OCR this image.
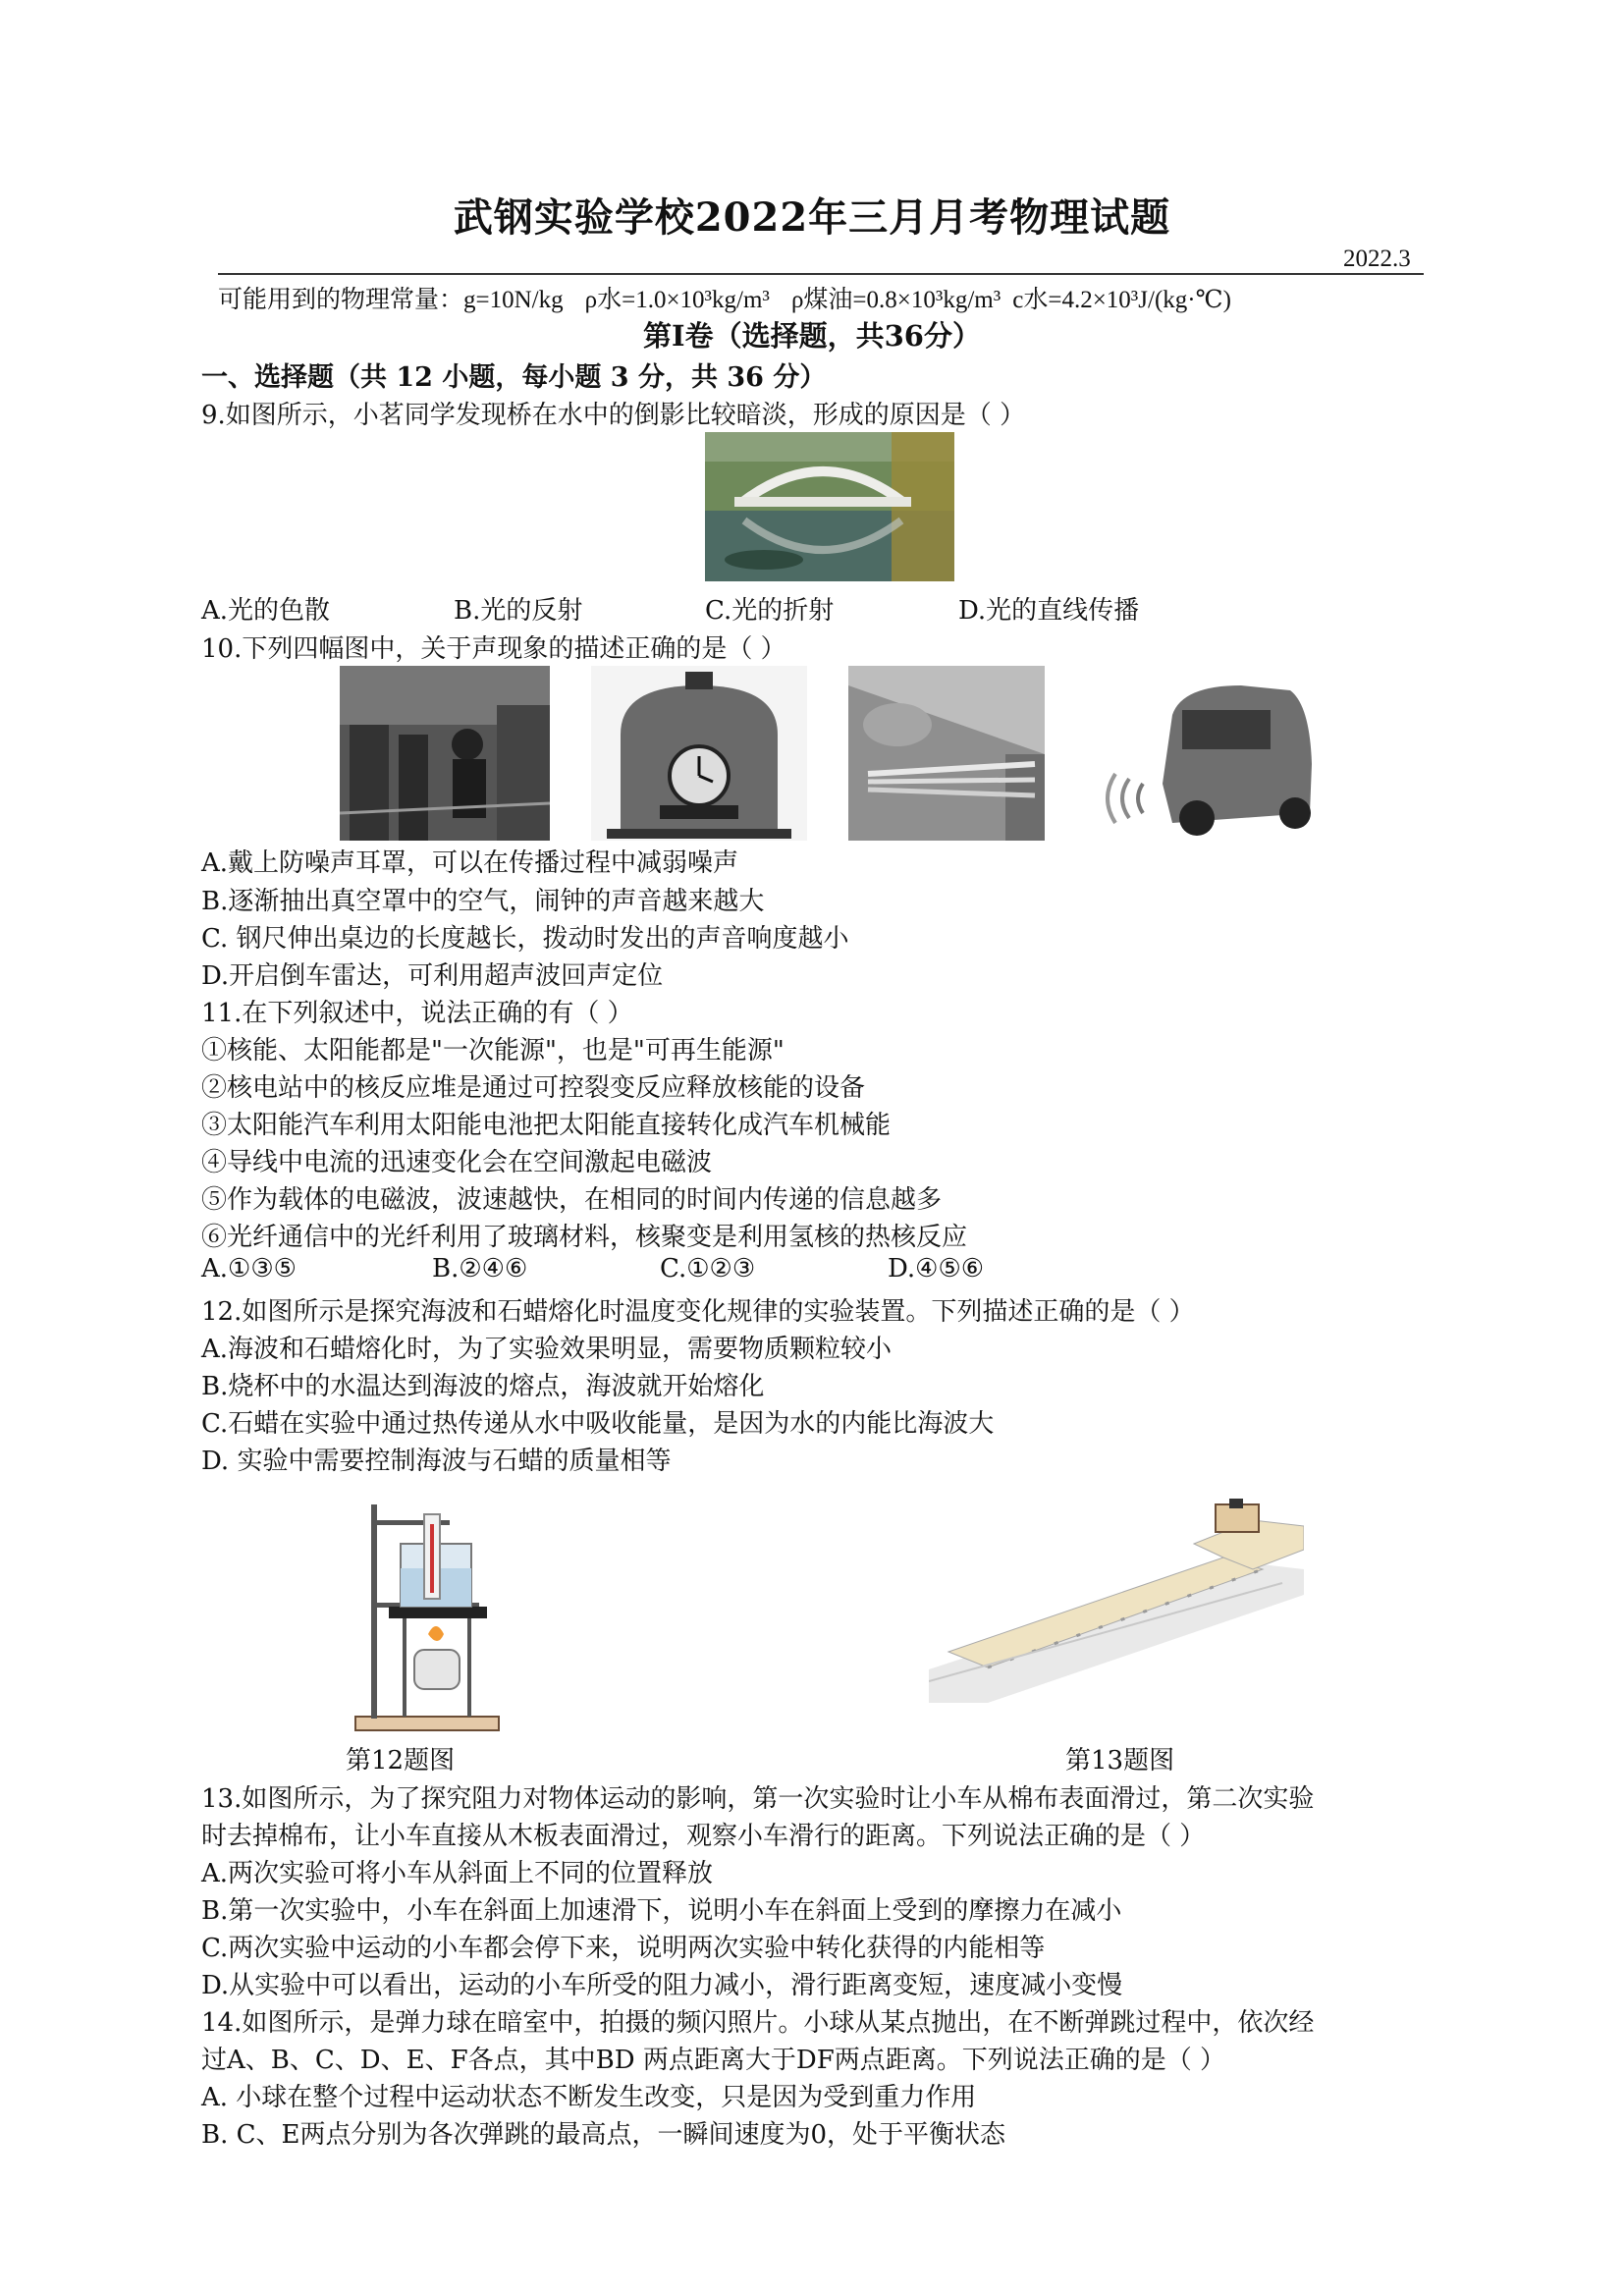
武钢实验学校2022年三月月考物理试题
2022.3
可能用到的物理常量：g=10N/kg ρ水=1.0×10³kg/m³ ρ煤油=0.8×10³kg/m³ c水=4.2×10³J/(kg·℃)
第Ⅰ卷（选择题，共36分）
一、选择题（共 12 小题，每小题 3 分，共 36 分）
9.如图所示，小茗同学发现桥在水中的倒影比较暗淡，形成的原因是（ ）
A.光的色散	B.光的反射	C.光的折射	D.光的直线传播
10.下列四幅图中，关于声现象的描述正确的是（ ）
A.戴上防噪声耳罩，可以在传播过程中减弱噪声
B.逐渐抽出真空罩中的空气，闹钟的声音越来越大
C. 钢尺伸出桌边的长度越长，拨动时发出的声音响度越小
D.开启倒车雷达，可利用超声波回声定位
11.在下列叙述中，说法正确的有（ ）
①核能、太阳能都是"一次能源"，也是"可再生能源"
②核电站中的核反应堆是通过可控裂变反应释放核能的设备
③太阳能汽车利用太阳能电池把太阳能直接转化成汽车机械能
④导线中电流的迅速变化会在空间激起电磁波
⑤作为载体的电磁波，波速越快，在相同的时间内传递的信息越多
⑥光纤通信中的光纤利用了玻璃材料，核聚变是利用氢核的热核反应
A.①③⑤	B.②④⑥	C.①②③	D.④⑤⑥
12.如图所示是探究海波和石蜡熔化时温度变化规律的实验装置。下列描述正确的是（ ）
A.海波和石蜡熔化时，为了实验效果明显，需要物质颗粒较小
B.烧杯中的水温达到海波的熔点，海波就开始熔化
C.石蜡在实验中通过热传递从水中吸收能量，是因为水的内能比海波大
D. 实验中需要控制海波与石蜡的质量相等
第12题图	第13题图
13.如图所示，为了探究阻力对物体运动的影响，第一次实验时让小车从棉布表面滑过，第二次实验
时去掉棉布，让小车直接从木板表面滑过，观察小车滑行的距离。下列说法正确的是（ ）
A.两次实验可将小车从斜面上不同的位置释放
B.第一次实验中，小车在斜面上加速滑下，说明小车在斜面上受到的摩擦力在减小
C.两次实验中运动的小车都会停下来，说明两次实验中转化获得的内能相等
D.从实验中可以看出，运动的小车所受的阻力减小，滑行距离变短，速度减小变慢
14.如图所示，是弹力球在暗室中，拍摄的频闪照片。小球从某点抛出，在不断弹跳过程中，依次经
过A、B、C、D、E、F各点，其中BD 两点距离大于DF两点距离。下列说法正确的是（ ）
A. 小球在整个过程中运动状态不断发生改变，只是因为受到重力作用
B. C、E两点分别为各次弹跳的最高点，一瞬间速度为0，处于平衡状态
